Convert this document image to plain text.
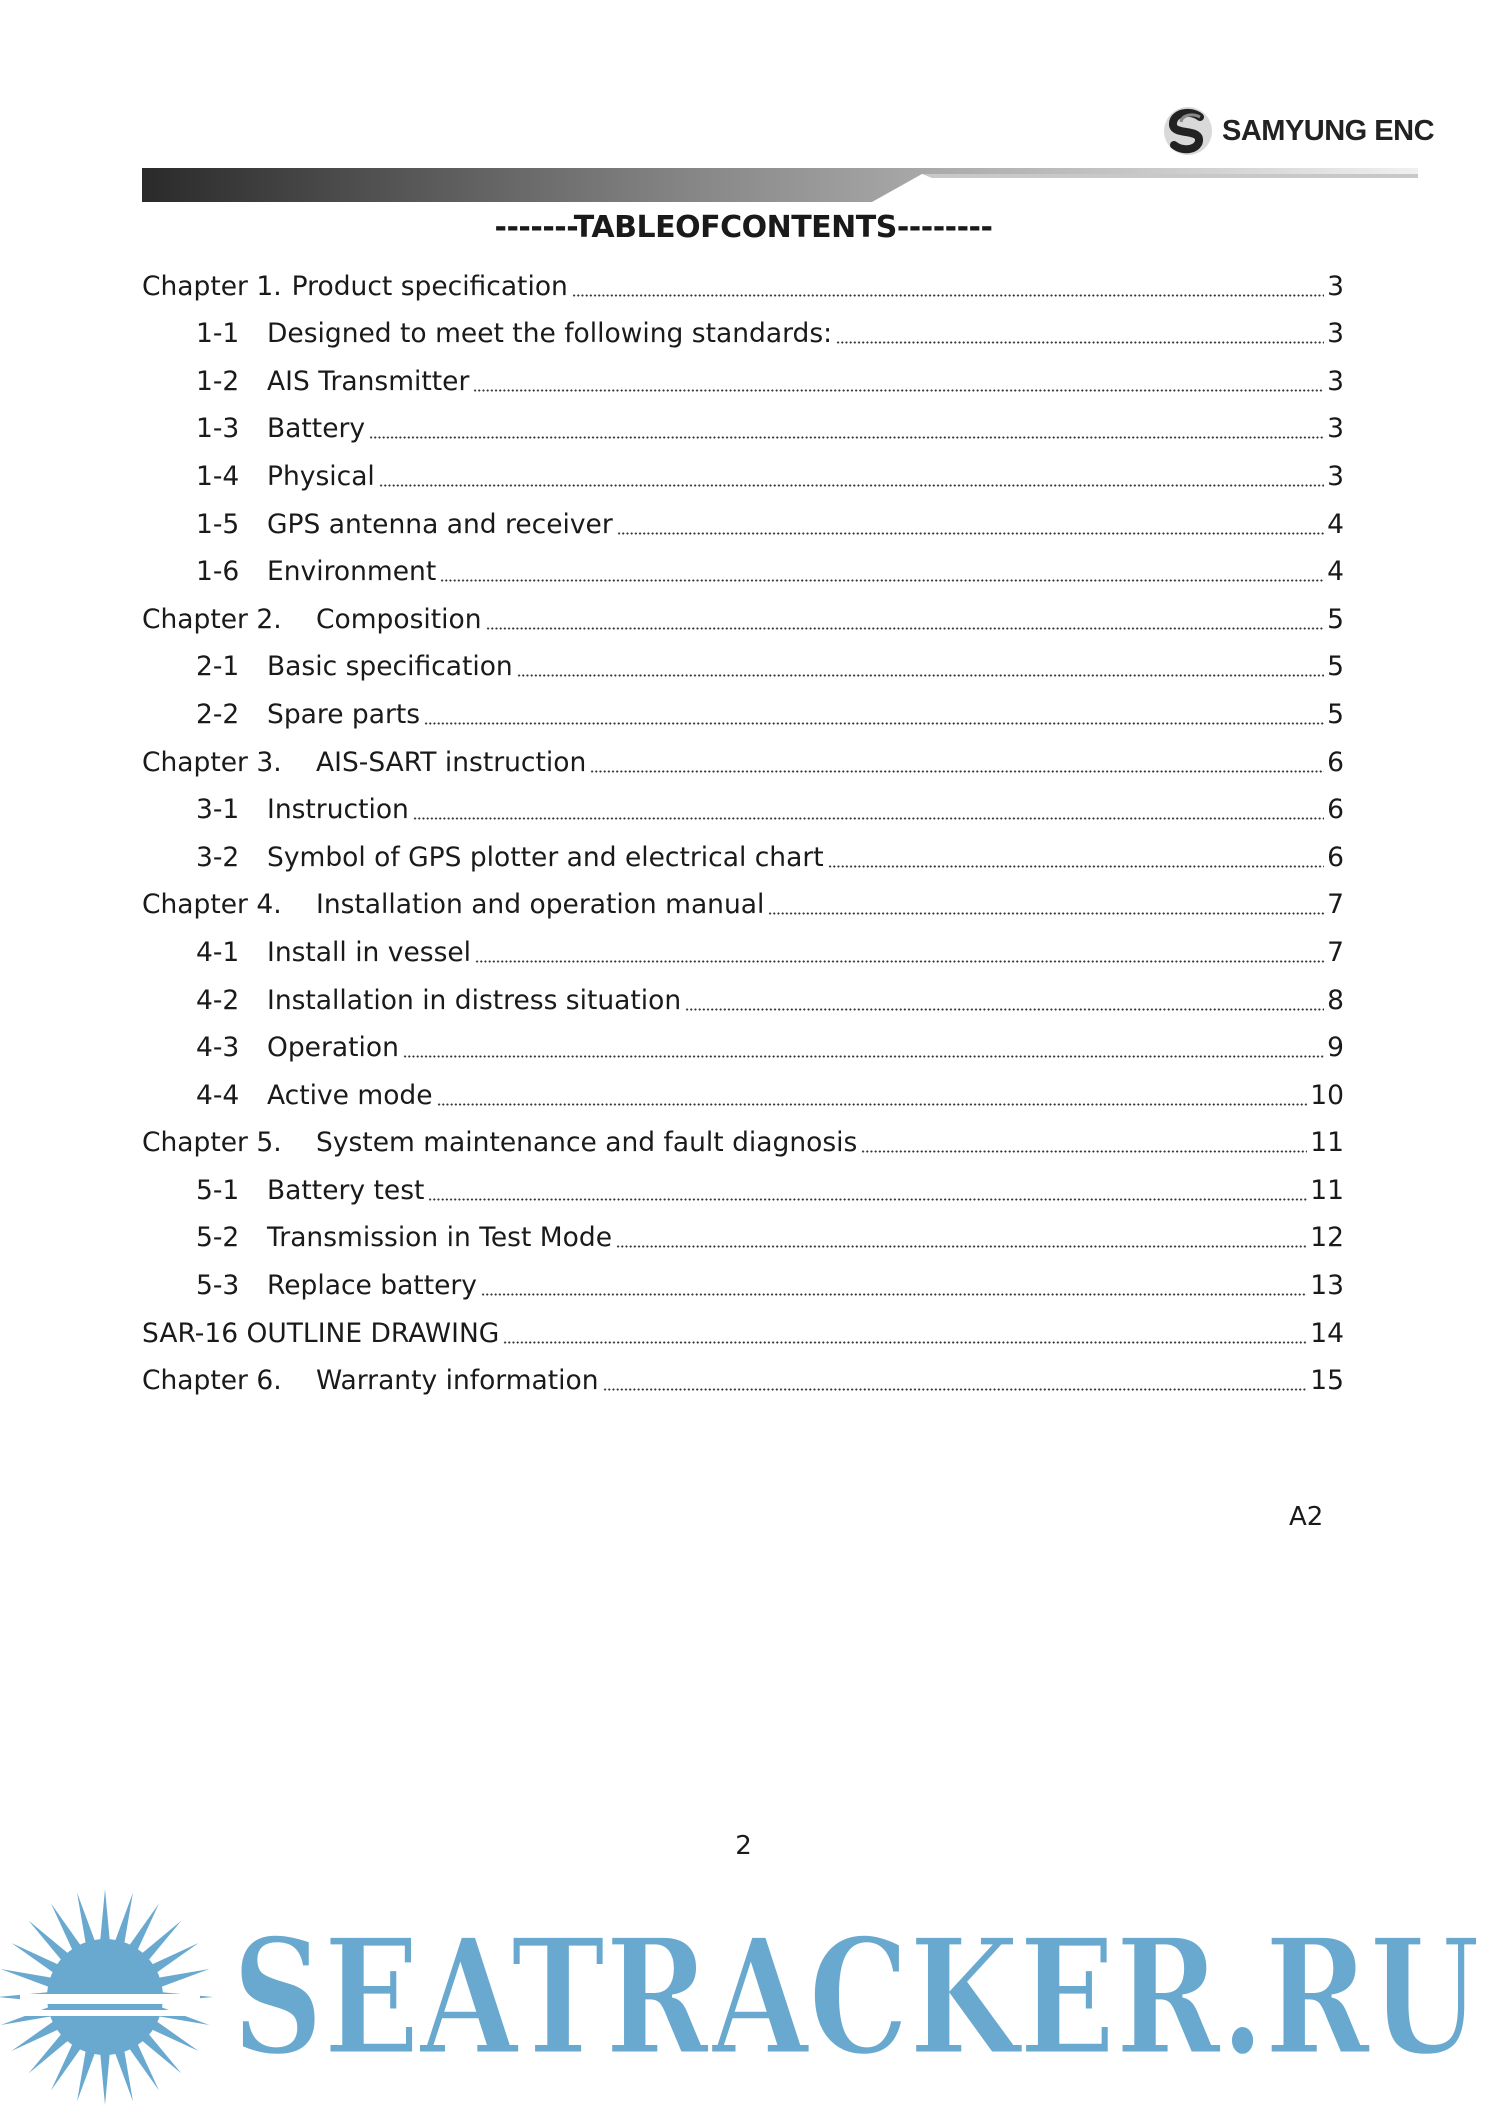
SAMYUNG ENC
-------TABLEOFCONTENTS--------
Chapter 1. Product specification	3
1-1	Designed to meet the following standards:	3
1-2	AIS Transmitter	3
1-3	Battery	3
1-4	Physical	3
1-5	GPS antenna and receiver	4
1-6	Environment	4
Chapter 2.	Composition	5
2-1	Basic specification	5
2-2	Spare parts	5
Chapter 3.	AIS-SART instruction	6
3-1	Instruction	6
3-2	Symbol of GPS plotter and electrical chart	6
Chapter 4.	Installation and operation manual	7
4-1	Install in vessel	7
4-2	Installation in distress situation	8
4-3	Operation	9
4-4	Active mode	10
Chapter 5.	System maintenance and fault diagnosis	11
5-1	Battery test	11
5-2	Transmission in Test Mode	12
5-3	Replace battery	13
SAR-16 OUTLINE DRAWING	14
Chapter 6.	Warranty information	15
A2
2
SEATRACKER.RU
